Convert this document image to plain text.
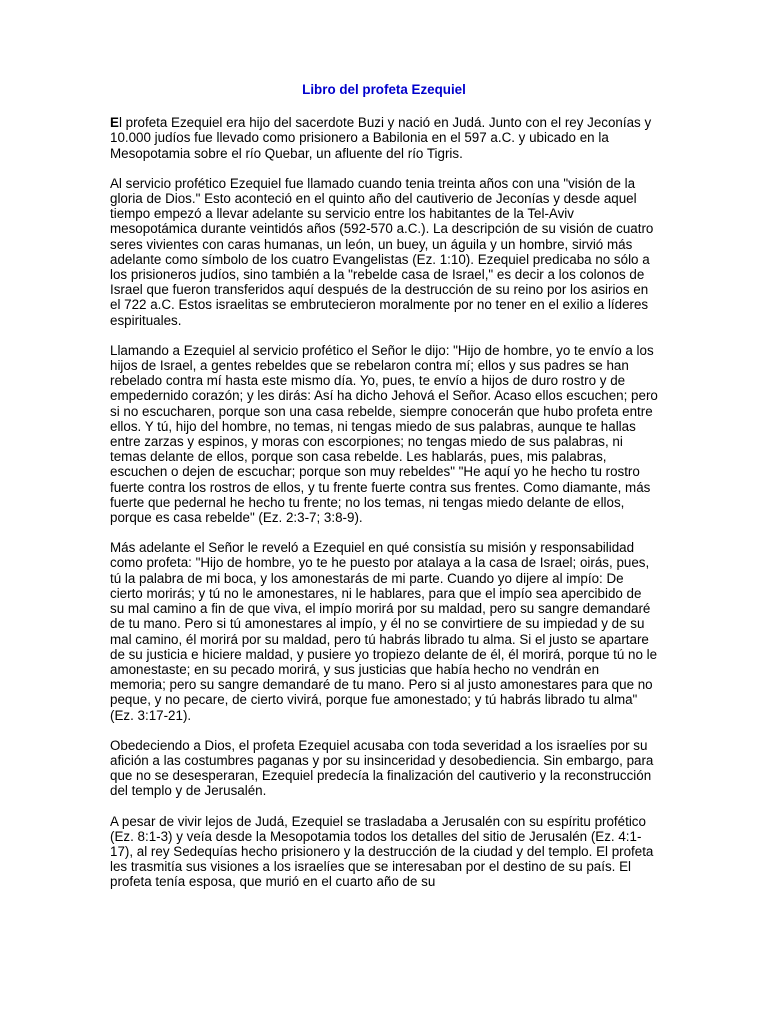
Libro del profeta Ezequiel

El profeta Ezequiel era hijo del sacerdote Buzi y nació en Judá. Junto con el rey Jeconías y 10.000 judíos fue llevado como prisionero a Babilonia en el 597 a.C. y ubicado en la Mesopotamia sobre el río Quebar, un afluente del río Tigris.

Al servicio profético Ezequiel fue llamado cuando tenia treinta años con una "visión de la gloria de Dios." Esto aconteció en el quinto año del cautiverio de Jeconías y desde aquel tiempo empezó a llevar adelante su servicio entre los habitantes de la Tel-Aviv mesopotámica durante veintidós años (592-570 a.C.). La descripción de su visión de cuatro seres vivientes con caras humanas, un león, un buey, un águila y un hombre, sirvió más adelante como símbolo de los cuatro Evangelistas (Ez. 1:10). Ezequiel predicaba no sólo a los prisioneros judíos, sino también a la "rebelde casa de Israel," es decir a los colonos de Israel que fueron transferidos aquí después de la destrucción de su reino por los asirios en el 722 a.C. Estos israelitas se embrutecieron moralmente por no tener en el exilio a líderes espirituales.

Llamando a Ezequiel al servicio profético el Señor le dijo: "Hijo de hombre, yo te envío a los hijos de Israel, a gentes rebeldes que se rebelaron contra mí; ellos y sus padres se han rebelado contra mí hasta este mismo día. Yo, pues, te envío a hijos de duro rostro y de empedernido corazón; y les dirás: Así ha dicho Jehová el Señor. Acaso ellos escuchen; pero si no escucharen, porque son una casa rebelde, siempre conocerán que hubo profeta entre ellos. Y tú, hijo del hombre, no temas, ni tengas miedo de sus palabras, aunque te hallas entre zarzas y espinos, y moras con escorpiones; no tengas miedo de sus palabras, ni temas delante de ellos, porque son casa rebelde. Les hablarás, pues, mis palabras, escuchen o dejen de escuchar; porque son muy rebeldes" "He aquí yo he hecho tu rostro fuerte contra los rostros de ellos, y tu frente fuerte contra sus frentes. Como diamante, más fuerte que pedernal he hecho tu frente; no los temas, ni tengas miedo delante de ellos, porque es casa rebelde" (Ez. 2:3-7; 3:8-9).

Más adelante el Señor le reveló a Ezequiel en qué consistía su misión y responsabilidad como profeta: "Hijo de hombre, yo te he puesto por atalaya a la casa de Israel; oirás, pues, tú la palabra de mi boca, y los amonestarás de mi parte. Cuando yo dijere al impío: De cierto morirás; y tú no le amonestares, ni le hablares, para que el impío sea apercibido de su mal camino a fin de que viva, el impío morirá por su maldad, pero su sangre demandaré de tu mano. Pero si tú amonestares al impío, y él no se convirtiere de su impiedad y de su mal camino, él morirá por su maldad, pero tú habrás librado tu alma. Si el justo se apartare de su justicia e hiciere maldad, y pusiere yo tropiezo delante de él, él morirá, porque tú no le amonestaste; en su pecado morirá, y sus justicias que había hecho no vendrán en memoria; pero su sangre demandaré de tu mano. Pero si al justo amonestares para que no peque, y no pecare, de cierto vivirá, porque fue amonestado; y tú habrás librado tu alma" (Ez. 3:17-21).

Obedeciendo a Dios, el profeta Ezequiel acusaba con toda severidad a los israelíes por su afición a las costumbres paganas y por su insinceridad y desobediencia. Sin embargo, para que no se desesperaran, Ezequiel predecía la finalización del cautiverio y la reconstrucción del templo y de Jerusalén.

A pesar de vivir lejos de Judá, Ezequiel se trasladaba a Jerusalén con su espíritu profético (Ez. 8:1-3) y veía desde la Mesopotamia todos los detalles del sitio de Jerusalén (Ez. 4:1-17), al rey Sedequías hecho prisionero y la destrucción de la ciudad y del templo. El profeta les trasmitía sus visiones a los israelíes que se interesaban por el destino de su país. El profeta tenía esposa, que murió en el cuarto año de su
